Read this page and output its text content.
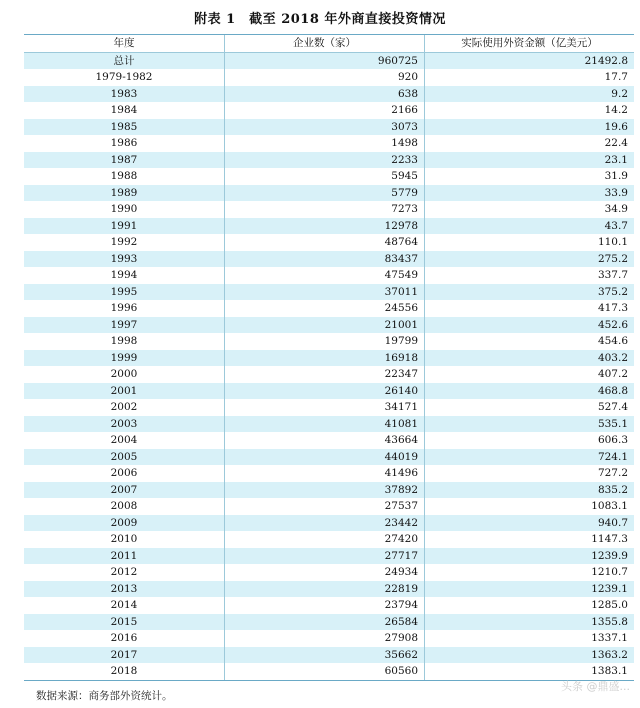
附表 1　截至 2018 年外商直接投资情况
年度	企业数（家）	实际使用外资金额（亿美元）
总计	960725	21492.8
1979-1982	920	17.7
1983	638	9.2
1984	2166	14.2
1985	3073	19.6
1986	1498	22.4
1987	2233	23.1
1988	5945	31.9
1989	5779	33.9
1990	7273	34.9
1991	12978	43.7
1992	48764	110.1
1993	83437	275.2
1994	47549	337.7
1995	37011	375.2
1996	24556	417.3
1997	21001	452.6
1998	19799	454.6
1999	16918	403.2
2000	22347	407.2
2001	26140	468.8
2002	34171	527.4
2003	41081	535.1
2004	43664	606.3
2005	44019	724.1
2006	41496	727.2
2007	37892	835.2
2008	27537	1083.1
2009	23442	940.7
2010	27420	1147.3
2011	27717	1239.9
2012	24934	1210.7
2013	22819	1239.1
2014	23794	1285.0
2015	26584	1355.8
2016	27908	1337.1
2017	35662	1363.2
2018	60560	1383.1
数据来源：商务部外资统计。
头条 @鼎盛...
